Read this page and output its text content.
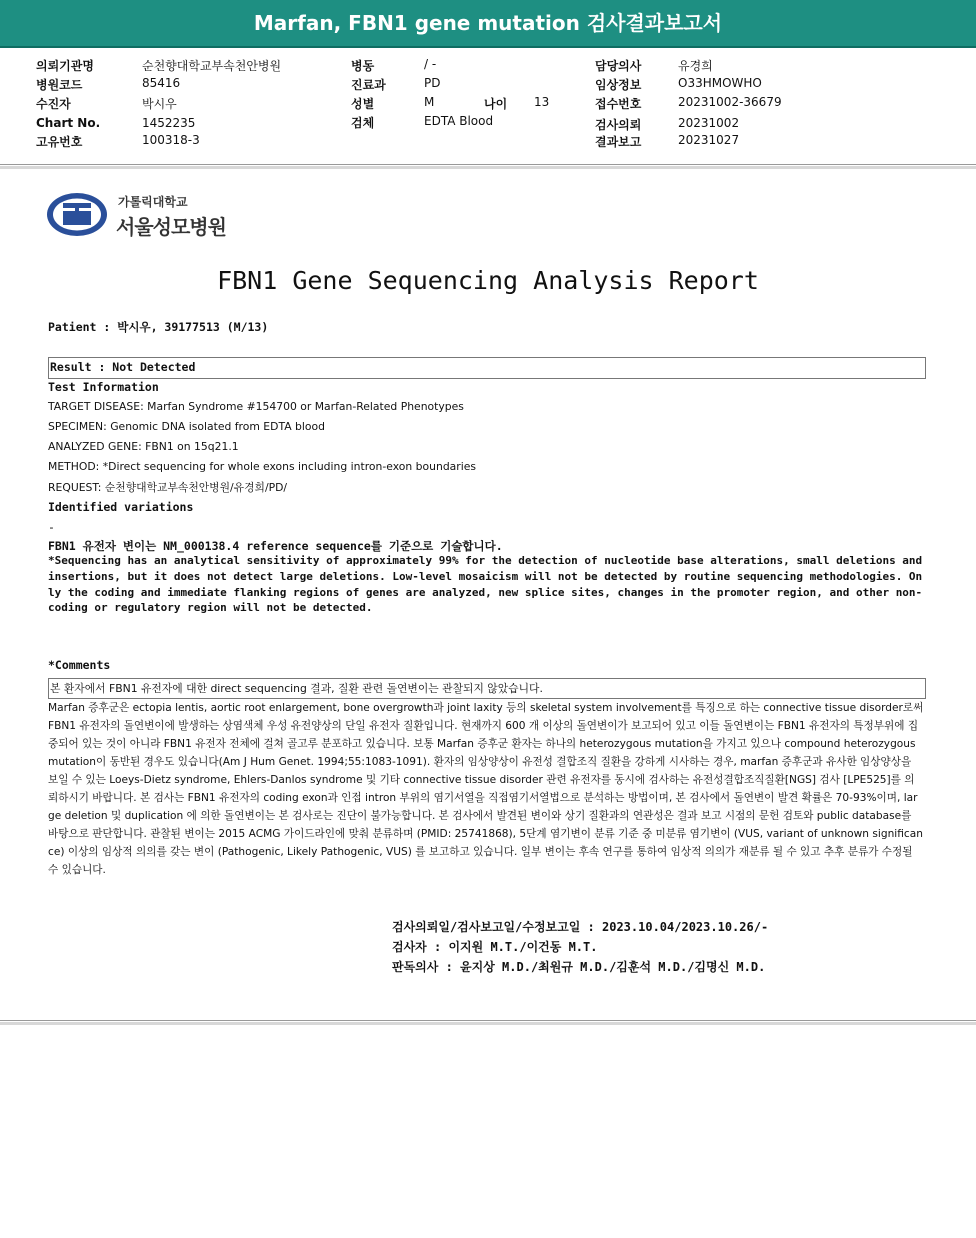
Marfan, FBN1 gene mutation 검사결과보고서
의뢰기관명	순천향대학교부속천안병원
병원코드	85416
수진자	박시우
Chart No.	1452235
고유번호	100318-3
병동	/ -
진료과	PD
성별	M	나이 13
검체	EDTA Blood
담당의사	유경희
임상정보	O33HMOWHO
접수번호	20231002-36679
검사의뢰	20231002
결과보고	20231027
가톨릭대학교
서울성모병원
FBN1 Gene Sequencing Analysis Report
Patient : 박시우, 39177513 (M/13)
Result : Not Detected
Test Information
TARGET DISEASE: Marfan Syndrome #154700 or Marfan-Related Phenotypes
SPECIMEN: Genomic DNA isolated from EDTA blood
ANALYZED GENE: FBN1 on 15q21.1
METHOD: *Direct sequencing for whole exons including intron-exon boundaries
REQUEST: 순천향대학교부속천안병원/유경희/PD/
Identified variations
-
FBN1 유전자 변이는 NM_000138.4 reference sequence를 기준으로 기술합니다.
*Sequencing has an analytical sensitivity of approximately 99% for the detection of nucleotide base alterations, small deletions and insertions, but it does not detect large deletions. Low-level mosaicism will not be detected by routine sequencing methodologies. Only the coding and immediate flanking regions of genes are analyzed, new splice sites, changes in the promoter region, and other non-coding or regulatory region will not be detected.
*Comments
본 환자에서 FBN1 유전자에 대한 direct sequencing 결과, 질환 관련 돌연변이는 관찰되지 않았습니다.
Marfan 증후군은 ectopia lentis, aortic root enlargement, bone overgrowth과 joint laxity 등의 skeletal system involvement를 특징으로 하는 connective tissue disorder로써 FBN1 유전자의 돌연변이에 발생하는 상염색체 우성 유전양상의 단일 유전자 질환입니다. 현재까지 600 개 이상의 돌연변이가 보고되어 있고 이들 돌연변이는 FBN1 유전자의 특정부위에 집중되어 있는 것이 아니라 FBN1 유전자 전체에 걸쳐 골고루 분포하고 있습니다. 보통 Marfan 증후군 환자는 하나의 heterozygous mutation을 가지고 있으나 compound heterozygous mutation이 동반된 경우도 있습니다(Am J Hum Genet. 1994;55:1083-1091). 환자의 임상양상이 유전성 결합조직 질환을 강하게 시사하는 경우, marfan 증후군과 유사한 임상양상을 보일 수 있는 Loeys-Dietz syndrome, Ehlers-Danlos syndrome 및 기타 connective tissue disorder 관련 유전자를 동시에 검사하는 유전성결합조직질환[NGS] 검사 [LPE525]를 의뢰하시기 바랍니다. 본 검사는 FBN1 유전자의 coding exon과 인접 intron 부위의 염기서열을 직접염기서열법으로 분석하는 방법이며, 본 검사에서 돌연변이 발견 확률은 70-93%이며, large deletion 및 duplication 에 의한 돌연변이는 본 검사로는 진단이 불가능합니다. 본 검사에서 발견된 변이와 상기 질환과의 연관성은 결과 보고 시점의 문헌 검토와 public database를 바탕으로 판단합니다. 관찰된 변이는 2015 ACMG 가이드라인에 맞춰 분류하며 (PMID: 25741868), 5단계 염기변이 분류 기준 중 미분류 염기변이 (VUS, variant of unknown significance) 이상의 임상적 의의를 갖는 변이 (Pathogenic, Likely Pathogenic, VUS) 를 보고하고 있습니다. 일부 변이는 후속 연구를 통하여 임상적 의의가 재분류 될 수 있고 추후 분류가 수정될 수 있습니다.
검사의뢰일/검사보고일/수정보고일 : 2023.10.04/2023.10.26/-
검사자 : 이지원 M.T./이건동 M.T.
판독의사 : 윤지상 M.D./최원규 M.D./김훈석 M.D./김명신 M.D.
